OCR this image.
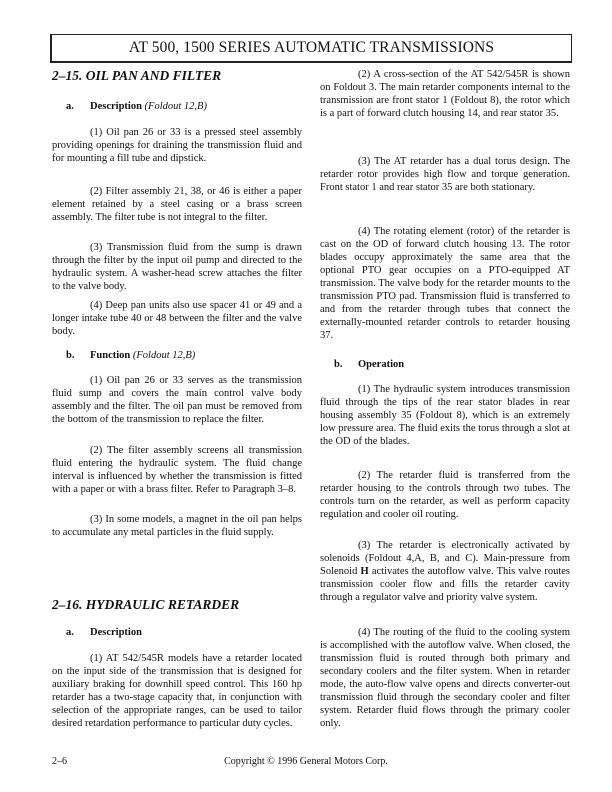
AT 500, 1500 SERIES AUTOMATIC TRANSMISSIONS
2–15. OIL PAN AND FILTER
a. Description (Foldout 12,B)
(1) Oil pan 26 or 33 is a pressed steel assembly providing openings for draining the transmission fluid and for mounting a fill tube and dipstick.
(2) Filter assembly 21, 38, or 46 is either a paper element retained by a steel casing or a brass screen assembly. The filter tube is not integral to the filter.
(3) Transmission fluid from the sump is drawn through the filter by the input oil pump and directed to the hydraulic system. A washer-head screw attaches the filter to the valve body.
(4) Deep pan units also use spacer 41 or 49 and a longer intake tube 40 or 48 between the filter and the valve body.
b. Function (Foldout 12,B)
(1) Oil pan 26 or 33 serves as the transmission fluid sump and covers the main control valve body assembly and the filter. The oil pan must be removed from the bottom of the transmission to replace the filter.
(2) The filter assembly screens all transmission fluid entering the hydraulic system. The fluid change interval is influenced by whether the transmission is fitted with a paper or with a brass filter. Refer to Paragraph 3–8.
(3) In some models, a magnet in the oil pan helps to accumulate any metal particles in the fluid supply.
2–16. HYDRAULIC RETARDER
a. Description
(1) AT 542/545R models have a retarder located on the input side of the transmission that is designed for auxiliary braking for downhill speed control. This 160 hp retarder has a two-stage capacity that, in conjunction with selection of the appropriate ranges, can be used to tailor desired retardation performance to particular duty cycles.
(2) A cross-section of the AT 542/545R is shown on Foldout 3. The main retarder components internal to the transmission are front stator 1 (Foldout 8), the rotor which is a part of forward clutch housing 14, and rear stator 35.
(3) The AT retarder has a dual torus design. The retarder rotor provides high flow and torque generation. Front stator 1 and rear stator 35 are both stationary.
(4) The rotating element (rotor) of the retarder is cast on the OD of forward clutch housing 13. The rotor blades occupy approximately the same area that the optional PTO gear occupies on a PTO-equipped AT transmission. The valve body for the retarder mounts to the transmission PTO pad. Transmission fluid is transferred to and from the retarder through tubes that connect the externally-mounted retarder controls to retarder housing 37.
b. Operation
(1) The hydraulic system introduces transmission fluid through the tips of the rear stator blades in rear housing assembly 35 (Foldout 8), which is an extremely low pressure area. The fluid exits the torus through a slot at the OD of the blades.
(2) The retarder fluid is transferred from the retarder housing to the controls through two tubes. The controls turn on the retarder, as well as perform capacity regulation and cooler oil routing.
(3) The retarder is electronically activated by solenoids (Foldout 4,A, B, and C). Main-pressure from Solenoid H activates the autoflow valve. This valve routes transmission cooler flow and fills the retarder cavity through a regulator valve and priority valve system.
(4) The routing of the fluid to the cooling system is accomplished with the autoflow valve. When closed, the transmission fluid is routed through both primary and secondary coolers and the filter system. When in retarder mode, the auto-flow valve opens and directs converter-out transmission fluid through the secondary cooler and filter system. Retarder fluid flows through the primary cooler only.
2–6	Copyright © 1996 General Motors Corp.
